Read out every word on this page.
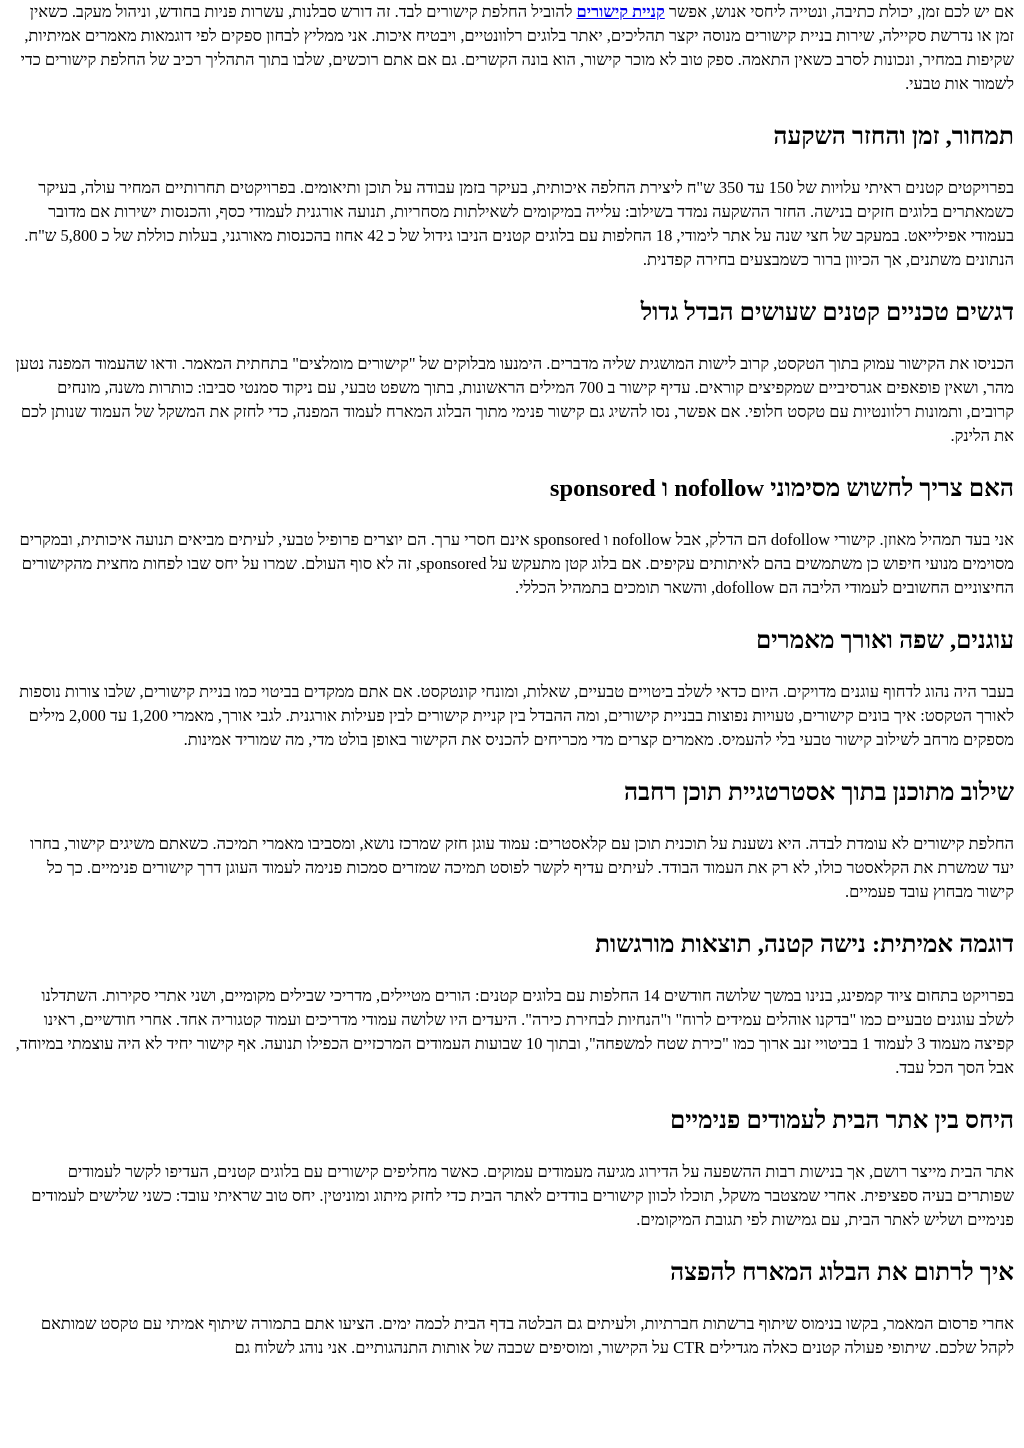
אם יש לכם זמן, יכולת כתיבה, ונטייה ליחסי אנוש, אפשר קניית קישורים להוביל החלפת קישורים לבד. זה דורש סבלנות, עשרות פניות בחודש, וניהול מעקב. כשאין זמן או נדרשת סקיילה, שירות בניית קישורים מנוסה יקצר תהליכים, יאתר בלוגים רלוונטיים, ויבטיח איכות. אני ממליץ לבחון ספקים לפי דוגמאות מאמרים אמיתיות, שקיפות במחיר, ונכונות לסרב כשאין התאמה. ספק טוב לא מוכר קישור, הוא בונה הקשרים. גם אם אתם רוכשים, שלבו בתוך התהליך רכיב של החלפת קישורים כדי לשמור אות טבעי.

תמחור, זמן והחזר השקעה

בפרויקטים קטנים ראיתי עלויות של 150 עד 350 ש"ח ליצירת החלפה איכותית, בעיקר בזמן עבודה על תוכן ותיאומים. בפרויקטים תחרותיים המחיר עולה, בעיקר כשמאתרים בלוגים חזקים בנישה. החזר ההשקעה נמדד בשילוב: עלייה במיקומים לשאילתות מסחריות, תנועה אורגנית לעמודי כסף, והכנסות ישירות אם מדובר בעמודי אפילייאט. במעקב של חצי שנה על אתר לימודי, 18 החלפות עם בלוגים קטנים הניבו גידול של כ 42 אחוז בהכנסות מאורגני, בעלות כוללת של כ 5,800 ש"ח. הנתונים משתנים, אך הכיוון ברור כשמבצעים בחירה קפדנית.

דגשים טכניים קטנים שעושים הבדל גדול

הכניסו את הקישור עמוק בתוך הטקסט, קרוב לישות המושגית שליה מדברים. הימנעו מבלוקים של "קישורים מומלצים" בתחתית המאמר. ודאו שהעמוד המפנה נטען מהר, ושאין פופאפים אגרסיביים שמקפיצים קוראים. עדיף קישור ב 700 המילים הראשונות, בתוך משפט טבעי, עם ניקוד סמנטי סביבו: כותרות משנה, מונחים קרובים, ותמונות רלוונטיות עם טקסט חלופי. אם אפשר, נסו להשיג גם קישור פנימי מתוך הבלוג המארח לעמוד המפנה, כדי לחזק את המשקל של העמוד שנותן לכם את הלינק.

האם צריך לחשוש מסימוני nofollow ו sponsored

אני בעד תמהיל מאוזן. קישורי dofollow הם הדלק, אבל nofollow ו sponsored אינם חסרי ערך. הם יוצרים פרופיל טבעי, לעיתים מביאים תנועה איכותית, ובמקרים מסוימים מנועי חיפוש כן משתמשים בהם לאיתותים עקיפים. אם בלוג קטן מתעקש על sponsored, זה לא סוף העולם. שמרו על יחס שבו לפחות מחצית מהקישורים החיצוניים החשובים לעמודי הליבה הם dofollow, והשאר תומכים בתמהיל הכללי.

עוגנים, שפה ואורך מאמרים

בעבר היה נהוג לדחוף עוגנים מדויקים. היום כדאי לשלב ביטויים טבעיים, שאלות, ומונחי קונטקסט. אם אתם ממקדים בביטוי כמו בניית קישורים, שלבו צורות נוספות לאורך הטקסט: איך בונים קישורים, טעויות נפוצות בבניית קישורים, ומה ההבדל בין קניית קישורים לבין פעילות אורגנית. לגבי אורך, מאמרי 1,200 עד 2,000 מילים מספקים מרחב לשילוב קישור טבעי בלי להעמיס. מאמרים קצרים מדי מכריחים להכניס את הקישור באופן בולט מדי, מה שמוריד אמינות.

שילוב מתוכנן בתוך אסטרטגיית תוכן רחבה

החלפת קישורים לא עומדת לבדה. היא נשענת על תוכנית תוכן עם קלאסטרים: עמוד עוגן חזק שמרכז נושא, ומסביבו מאמרי תמיכה. כשאתם משיגים קישור, בחרו יעד שמשרת את הקלאסטר כולו, לא רק את העמוד הבודד. לעיתים עדיף לקשר לפוסט תמיכה שמזרים סמכות פנימה לעמוד העוגן דרך קישורים פנימיים. כך כל קישור מבחוץ עובד פעמיים.

דוגמה אמיתית: נישה קטנה, תוצאות מורגשות

בפרויקט בתחום ציוד קמפינג, בנינו במשך שלושה חודשים 14 החלפות עם בלוגים קטנים: הורים מטיילים, מדריכי שבילים מקומיים, ושני אתרי סקירות. השתדלנו לשלב עוגנים טבעיים כמו "בדקנו אוהלים עמידים לרוח" ו"הנחיות לבחירת כירה". היעדים היו שלושה עמודי מדריכים ועמוד קטגוריה אחד. אחרי חודשיים, ראינו קפיצה מעמוד 3 לעמוד 1 בביטויי זנב ארוך כמו "כירת שטח למשפחה", ובתוך 10 שבועות העמודים המרכזיים הכפילו תנועה. אף קישור יחיד לא היה עוצמתי במיוחד, אבל הסך הכל עבד.

היחס בין אתר הבית לעמודים פנימיים

אתר הבית מייצר רושם, אך בנישות רבות ההשפעה על הדירוג מגיעה מעמודים עמוקים. כאשר מחליפים קישורים עם בלוגים קטנים, העדיפו לקשר לעמודים שפותרים בעיה ספציפית. אחרי שמצטבר משקל, תוכלו לכוון קישורים בודדים לאתר הבית כדי לחזק מיתוג ומוניטין. יחס טוב שראיתי עובד: כשני שלישים לעמודים פנימיים ושליש לאתר הבית, עם גמישות לפי תגובת המיקומים.

איך לרתום את הבלוג המארח להפצה

אחרי פרסום המאמר, בקשו בנימוס שיתוף ברשתות חברתיות, ולעיתים גם הבלטה בדף הבית לכמה ימים. הציעו אתם בתמורה שיתוף אמיתי עם טקסט שמותאם לקהל שלכם. שיתופי פעולה קטנים כאלה מגדילים CTR על הקישור, ומוסיפים שכבה של אותות התנהגותיים. אני נוהג לשלוח גם
